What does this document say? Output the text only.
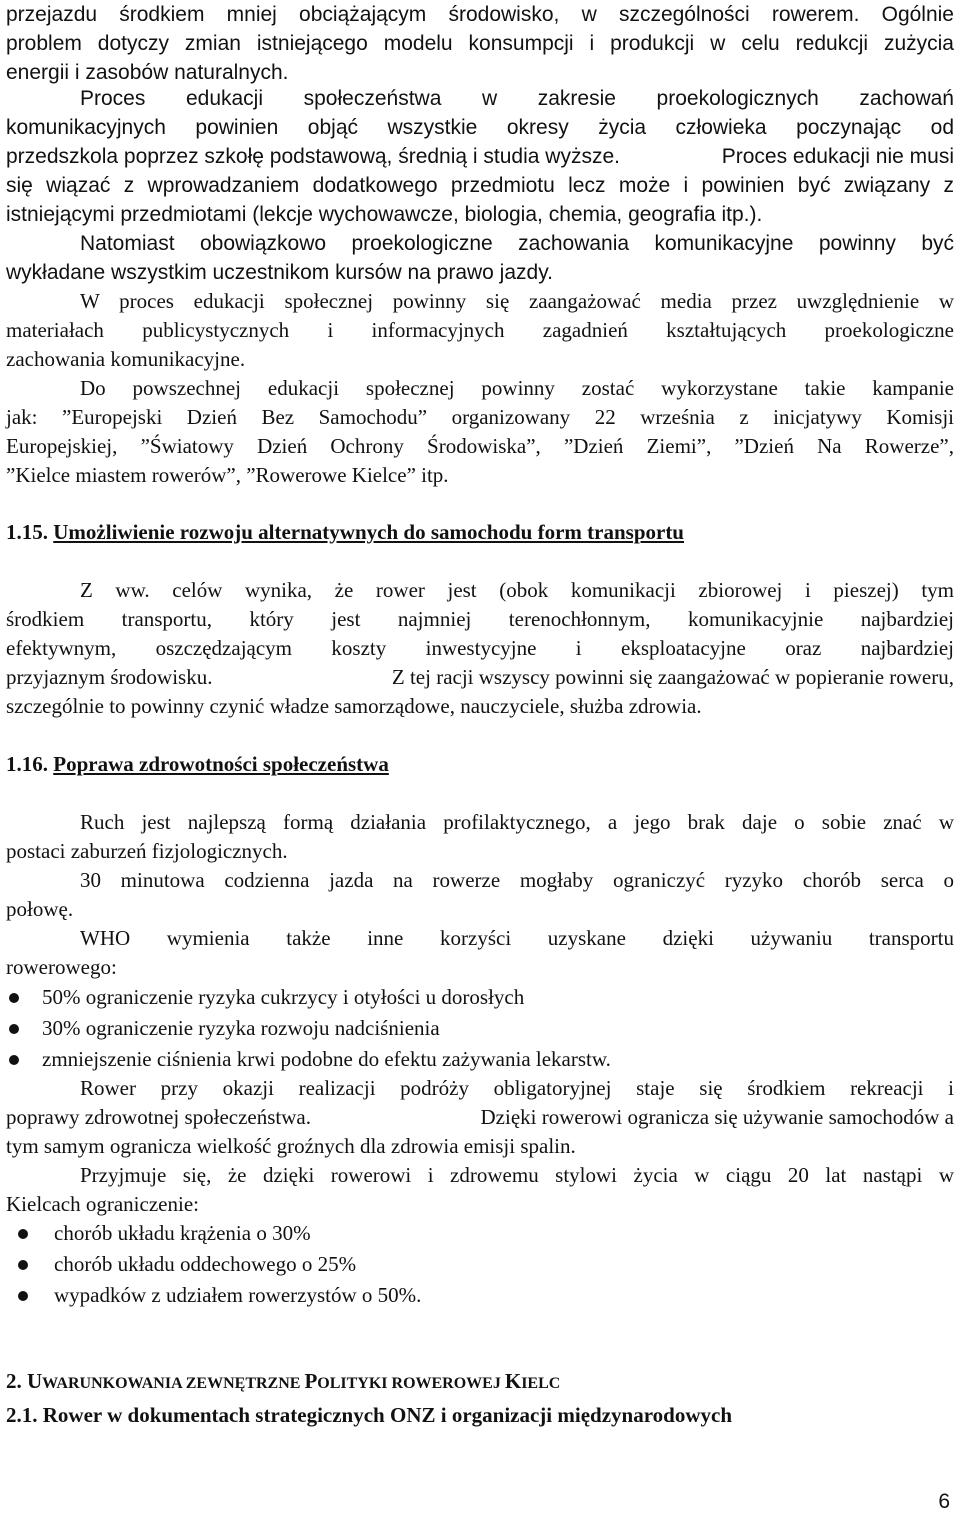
przejazdu środkiem mniej obciążającym środowisko, w szczególności rowerem. Ogólnie
problem dotyczy zmian istniejącego modelu konsumpcji i produkcji w celu redukcji zużycia
energii i zasobów naturalnych.
Proces edukacji społeczeństwa w zakresie proekologicznych zachowań
komunikacyjnych powinien objąć wszystkie okresy życia człowieka poczynając od
przedszkola poprzez szkołę podstawową, średnią i studia wyższe.	Proces edukacji nie musi
się wiązać z wprowadzaniem dodatkowego przedmiotu lecz może i powinien być związany z
istniejącymi przedmiotami (lekcje wychowawcze, biologia, chemia, geografia itp.).
Natomiast obowiązkowo proekologiczne zachowania komunikacyjne powinny być
wykładane wszystkim uczestnikom kursów na prawo jazdy.
W proces edukacji społecznej powinny się zaangażować media przez uwzględnienie w
materiałach publicystycznych i informacyjnych zagadnień kształtujących proekologiczne
zachowania komunikacyjne.
Do powszechnej edukacji społecznej powinny zostać wykorzystane takie kampanie
jak: ”Europejski Dzień Bez Samochodu” organizowany 22 września z inicjatywy Komisji
Europejskiej, ”Światowy Dzień Ochrony Środowiska”, ”Dzień Ziemi”, ”Dzień Na Rowerze”,
”Kielce miastem rowerów”, ”Rowerowe Kielce” itp.
1.15. Umożliwienie rozwoju alternatywnych do samochodu form transportu
Z ww. celów wynika, że rower jest (obok komunikacji zbiorowej i pieszej) tym
środkiem transportu, który jest najmniej terenochłonnym, komunikacyjnie najbardziej
efektywnym, oszczędzającym koszty inwestycyjne i eksploatacyjne oraz najbardziej
przyjaznym środowisku.	Z tej racji wszyscy powinni się zaangażować w popieranie roweru,
szczególnie to powinny czynić władze samorządowe, nauczyciele, służba zdrowia.
1.16. Poprawa zdrowotności społeczeństwa
Ruch jest najlepszą formą działania profilaktycznego, a jego brak daje o sobie znać w
postaci zaburzeń fizjologicznych.
30 minutowa codzienna jazda na rowerze mogłaby ograniczyć ryzyko chorób serca o
połowę.
WHO wymienia także inne korzyści uzyskane dzięki używaniu transportu
rowerowego:
50% ograniczenie ryzyka cukrzycy i otyłości u dorosłych
30% ograniczenie ryzyka rozwoju nadciśnienia
zmniejszenie ciśnienia krwi podobne do efektu zażywania lekarstw.
Rower przy okazji realizacji podróży obligatoryjnej staje się środkiem rekreacji i
poprawy zdrowotnej społeczeństwa.	Dzięki rowerowi ogranicza się używanie samochodów a
tym samym ogranicza wielkość groźnych dla zdrowia emisji spalin.
Przyjmuje się, że dzięki rowerowi i zdrowemu stylowi życia w ciągu 20 lat nastąpi w
Kielcach ograniczenie:
chorób układu krążenia o 30%
chorób układu oddechowego o 25%
wypadków z udziałem rowerzystów o 50%.
2. UWARUNKOWANIA ZEWNĘTRZNE POLITYKI ROWEROWEJ KIELC
2.1. Rower w dokumentach strategicznych ONZ i organizacji międzynarodowych
6
